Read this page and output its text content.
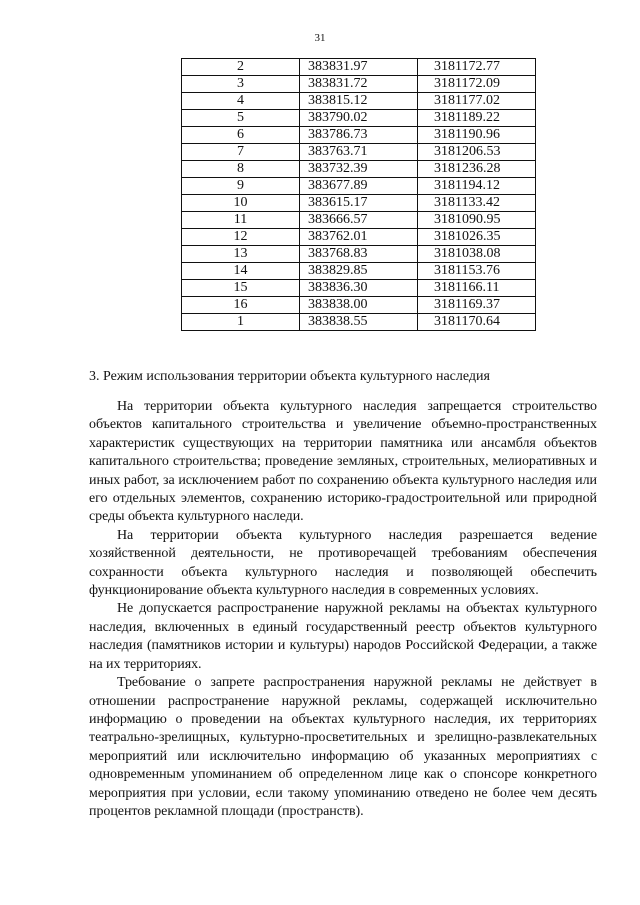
31
2	383831.97	3181172.77
3	383831.72	3181172.09
4	383815.12	3181177.02
5	383790.02	3181189.22
6	383786.73	3181190.96
7	383763.71	3181206.53
8	383732.39	3181236.28
9	383677.89	3181194.12
10	383615.17	3181133.42
11	383666.57	3181090.95
12	383762.01	3181026.35
13	383768.83	3181038.08
14	383829.85	3181153.76
15	383836.30	3181166.11
16	383838.00	3181169.37
1	383838.55	3181170.64
3. Режим использования территории объекта культурного наследия

На территории объекта культурного наследия запрещается строительство объектов капитального строительства и увеличение объемно-пространственных характеристик существующих на территории памятника или ансамбля объектов капитального строительства; проведение земляных, строительных, мелиоративных и иных работ, за исключением работ по сохранению объекта культурного наследия или его отдельных элементов, сохранению историко-градостроительной или природной среды объекта культурного наследи.

На территории объекта культурного наследия разрешается ведение хозяйственной деятельности, не противоречащей требованиям обеспечения сохранности объекта культурного наследия и позволяющей обеспечить функционирование объекта культурного наследия в современных условиях.

Не допускается распространение наружной рекламы на объектах культурного наследия, включенных в единый государственный реестр объектов культурного наследия (памятников истории и культуры) народов Российской Федерации, а также на их территориях.

Требование о запрете распространения наружной рекламы не действует в отношении распространение наружной рекламы, содержащей исключительно информацию о проведении на объектах культурного наследия, их территориях театрально-зрелищных, культурно-просветительных и зрелищно-развлекательных мероприятий или исключительно информацию об указанных мероприятиях с одновременным упоминанием об определенном лице как о спонсоре конкретного мероприятия при условии, если такому упоминанию отведено не более чем десять процентов рекламной площади (пространств).
